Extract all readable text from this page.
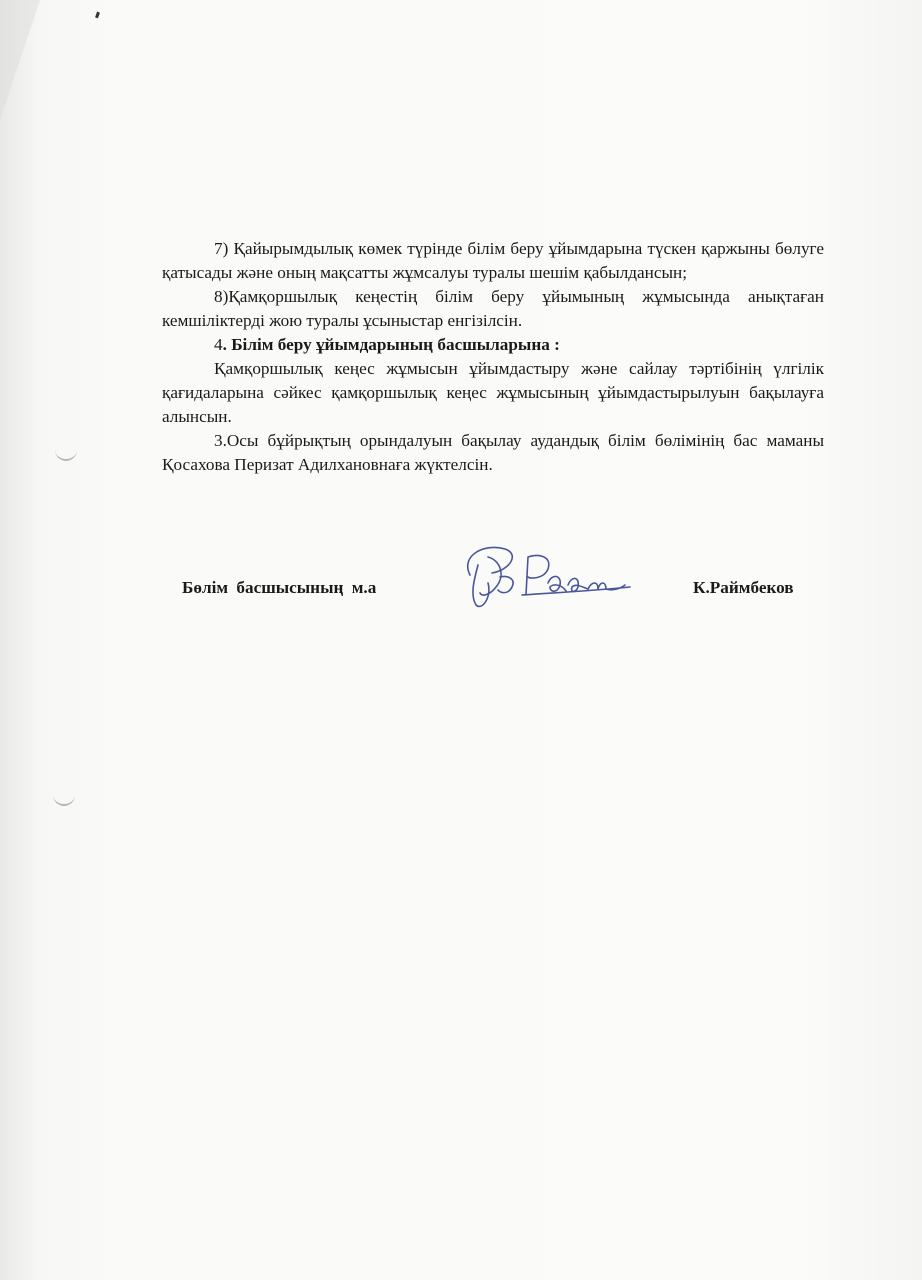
7) Қайырымдылық көмек түрінде білім беру ұйымдарына түскен қаржыны бөлуге қатысады және оның мақсатты жұмсалуы туралы шешім қабылдансын;

8)Қамқоршылық кеңестің білім беру ұйымының жұмысында анықтаған кемшіліктерді жою туралы ұсыныстар енгізілсін.

4. Білім беру ұйымдарының басшыларына :

Қамқоршылық кеңес жұмысын ұйымдастыру және сайлау тәртібінің үлгілік қағидаларына сәйкес қамқоршылық кеңес жұмысының ұйымдастырылуын бақылауға алынсын.

3.Осы бұйрықтың орындалуын бақылау аудандық білім бөлімінің бас маманы Қосахова Перизат Адилхановнаға жүктелсін.

Бөлім басшысының м.а	К.Раймбеков
